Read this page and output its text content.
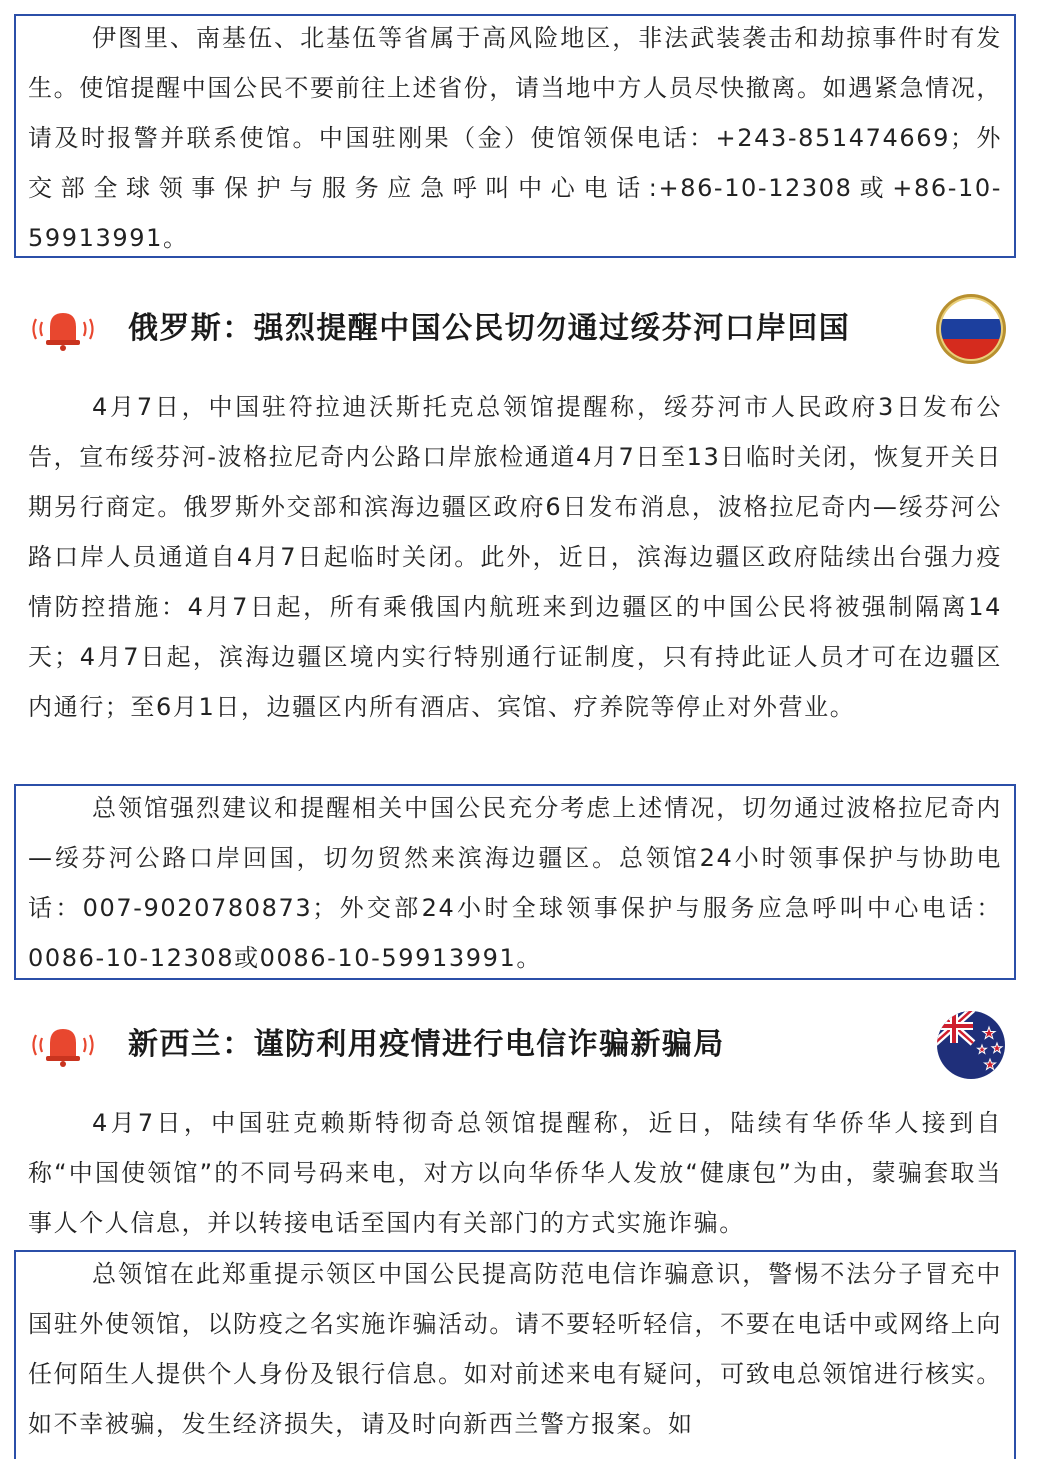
伊图里、南基伍、北基伍等省属于高风险地区，非法武装袭击和劫掠事件时有发生。使馆提醒中国公民不要前往上述省份，请当地中方人员尽快撤离。如遇紧急情况，请及时报警并联系使馆。中国驻刚果（金）使馆领保电话：+243-851474669；外交部全球领事保护与服务应急呼叫中心电话:+86-10-12308或+86-10-59913991。

俄罗斯：强烈提醒中国公民切勿通过绥芬河口岸回国

4月7日，中国驻符拉迪沃斯托克总领馆提醒称，绥芬河市人民政府3日发布公告，宣布绥芬河-波格拉尼奇内公路口岸旅检通道4月7日至13日临时关闭，恢复开关日期另行商定。俄罗斯外交部和滨海边疆区政府6日发布消息，波格拉尼奇内—绥芬河公路口岸人员通道自4月7日起临时关闭。此外，近日，滨海边疆区政府陆续出台强力疫情防控措施：4月7日起，所有乘俄国内航班来到边疆区的中国公民将被强制隔离14天；4月7日起，滨海边疆区境内实行特别通行证制度，只有持此证人员才可在边疆区内通行；至6月1日，边疆区内所有酒店、宾馆、疗养院等停止对外营业。

总领馆强烈建议和提醒相关中国公民充分考虑上述情况，切勿通过波格拉尼奇内—绥芬河公路口岸回国，切勿贸然来滨海边疆区。总领馆24小时领事保护与协助电话：007-9020780873；外交部24小时全球领事保护与服务应急呼叫中心电话：0086-10-12308或0086-10-59913991。

新西兰：谨防利用疫情进行电信诈骗新骗局

4月7日，中国驻克赖斯特彻奇总领馆提醒称，近日，陆续有华侨华人接到自称“中国使领馆”的不同号码来电，对方以向华侨华人发放“健康包”为由，蒙骗套取当事人个人信息，并以转接电话至国内有关部门的方式实施诈骗。

总领馆在此郑重提示领区中国公民提高防范电信诈骗意识，警惕不法分子冒充中国驻外使领馆，以防疫之名实施诈骗活动。请不要轻听轻信，不要在电话中或网络上向任何陌生人提供个人身份及银行信息。如对前述来电有疑问，可致电总领馆进行核实。如不幸被骗，发生经济损失，请及时向新西兰警方报案。如
